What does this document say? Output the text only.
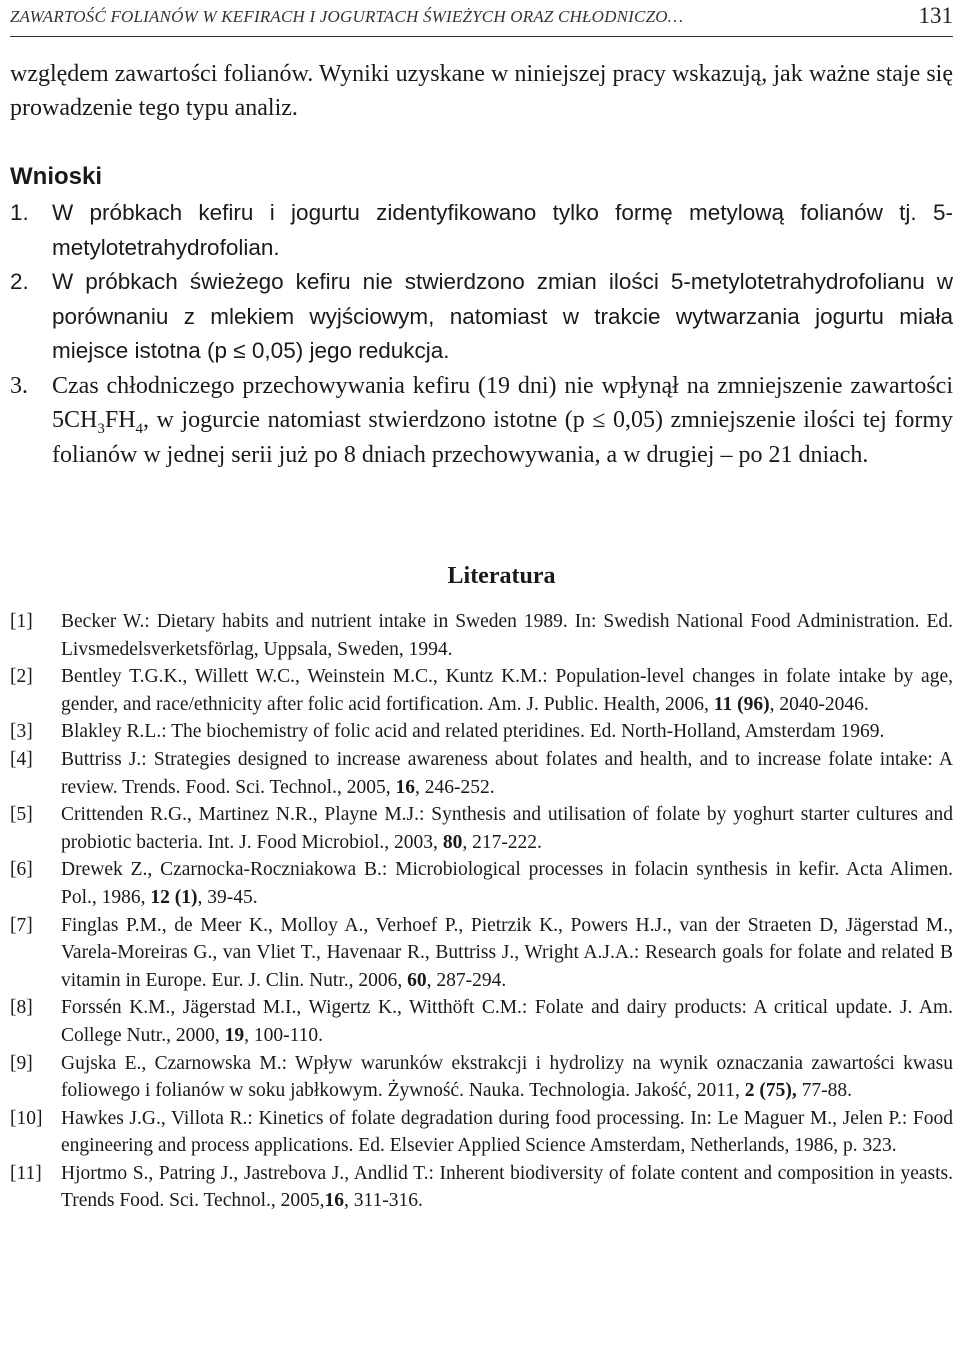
ZAWARTOŚĆ FOLIANÓW W KEFIRACH I JOGURTACH ŚWIEŻYCH ORAZ CHŁODNICZO…	131

względem zawartości folianów. Wyniki uzyskane w niniejszej pracy wskazują, jak ważne staje się prowadzenie tego typu analiz.

Wnioski
1. W próbkach kefiru i jogurtu zidentyfikowano tylko formę metylową folianów tj. 5-metylotetrahydrofolian.
2. W próbkach świeżego kefiru nie stwierdzono zmian ilości 5-metylotetrahydrofolianu w porównaniu z mlekiem wyjściowym, natomiast w trakcie wytwarzania jogurtu miała miejsce istotna (p ≤ 0,05) jego redukcja.
3. Czas chłodniczego przechowywania kefiru (19 dni) nie wpłynął na zmniejszenie zawartości $5CH_3FH_4$, w jogurcie natomiast stwierdzono istotne (p ≤ 0,05) zmniejszenie ilości tej formy folianów w jednej serii już po 8 dniach przechowywania, a w drugiej – po 21 dniach.
Literatura
[1] Becker W.: Dietary habits and nutrient intake in Sweden 1989. In: Swedish National Food Administration. Ed. Livsmedelsverketsförlag, Uppsala, Sweden, 1994.
[2] Bentley T.G.K., Willett W.C., Weinstein M.C., Kuntz K.M.: Population-level changes in folate intake by age, gender, and race/ethnicity after folic acid fortification. Am. J. Public. Health, 2006, 11 (96), 2040-2046.
[3] Blakley R.L.: The biochemistry of folic acid and related pteridines. Ed. North-Holland, Amsterdam 1969.
[4] Buttriss J.: Strategies designed to increase awareness about folates and health, and to increase folate intake: A review. Trends. Food. Sci. Technol., 2005, 16, 246-252.
[5] Crittenden R.G., Martinez N.R., Playne M.J.: Synthesis and utilisation of folate by yoghurt starter cultures and probiotic bacteria. Int. J. Food Microbiol., 2003, 80, 217-222.
[6] Drewek Z., Czarnocka-Roczniakowa B.: Microbiological processes in folacin synthesis in kefir. Acta Alimen. Pol., 1986, 12 (1), 39-45.
[7] Finglas P.M., de Meer K., Molloy A., Verhoef P., Pietrzik K., Powers H.J., van der Straeten D, Jägerstad M., Varela-Moreiras G., van Vliet T., Havenaar R., Buttriss J., Wright A.J.A.: Research goals for folate and related B vitamin in Europe. Eur. J. Clin. Nutr., 2006, 60, 287-294.
[8] Forssén K.M., Jägerstad M.I., Wigertz K., Witthöft C.M.: Folate and dairy products: A critical update. J. Am. College Nutr., 2000, 19, 100-110.
[9] Gujska E., Czarnowska M.: Wpływ warunków ekstrakcji i hydrolizy na wynik oznaczania zawartości kwasu foliowego i folianów w soku jabłkowym. Żywność. Nauka. Technologia. Jakość, 2011, 2 (75), 77-88.
[10] Hawkes J.G., Villota R.: Kinetics of folate degradation during food processing. In: Le Maguer M., Jelen P.: Food engineering and process applications. Ed. Elsevier Applied Science Amsterdam, Netherlands, 1986, p. 323.
[11] Hjortmo S., Patring J., Jastrebova J., Andlid T.: Inherent biodiversity of folate content and composition in yeasts. Trends Food. Sci. Technol., 2005,16, 311-316.
